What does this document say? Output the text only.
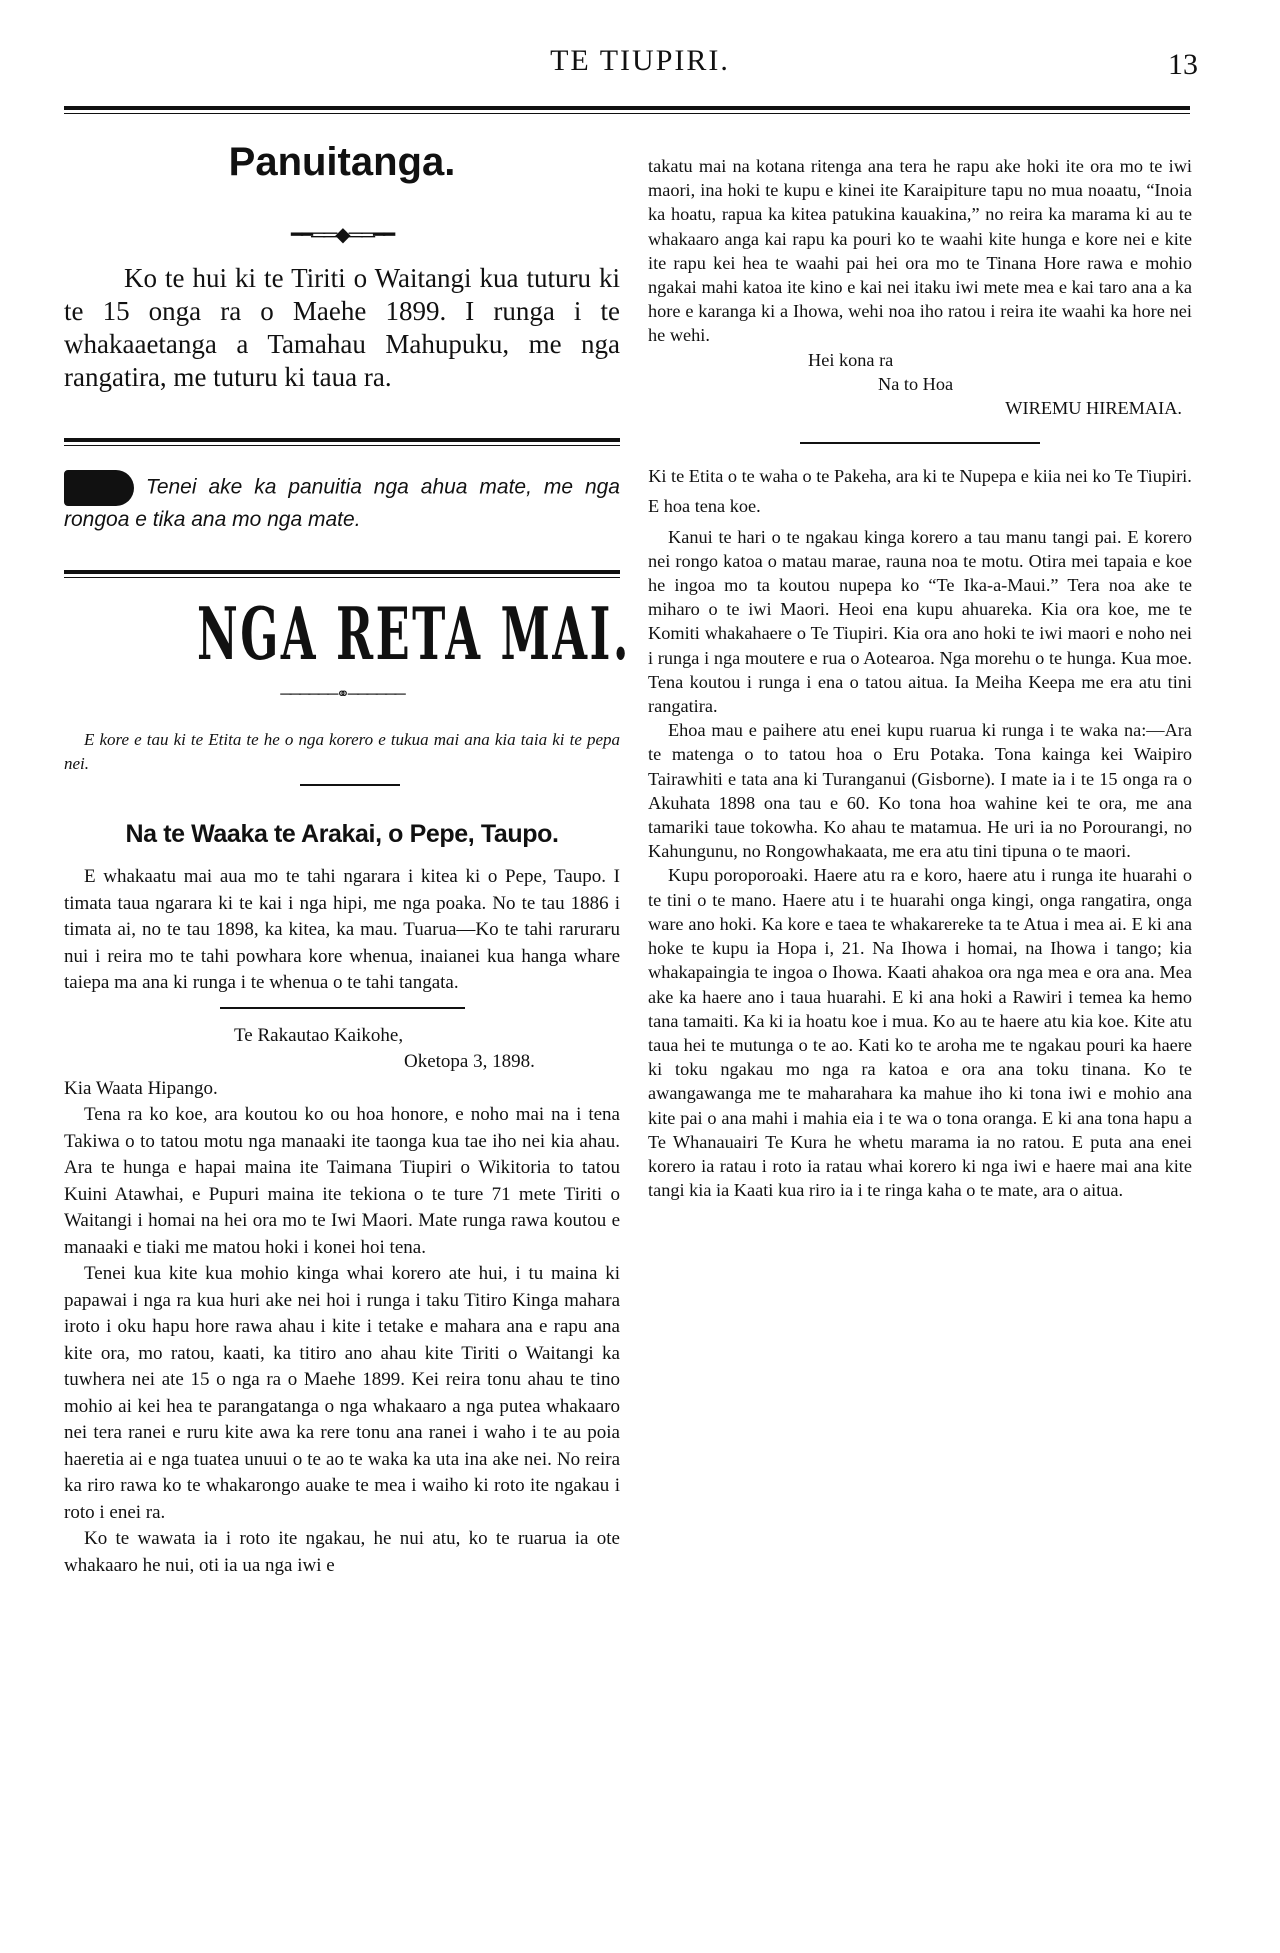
TE TIUPIRI.	13
Panuitanga.
━━══◆══━━
Ko te hui ki te Tiriti o Waitangi kua tuturu ki te 15 onga ra o Maehe 1899. I runga i te whakaaetanga a Tamahau Mahupuku, me nga rangatira, me tuturu ki taua ra.
Tenei ake ka panuitia nga ahua mate, me nga rongoa e tika ana mo nga mate.
NGA RETA MAI.
──────⚭──────
E kore e tau ki te Etita te he o nga korero e tukua mai ana kia taia ki te pepa nei.
Na te Waaka te Arakai, o Pepe, Taupo.

E whakaatu mai aua mo te tahi ngarara i kitea ki o Pepe, Taupo. I timata taua ngarara ki te kai i nga hipi, me nga poaka. No te tau 1886 i timata ai, no te tau 1898, ka kitea, ka mau. Tuarua—Ko te tahi raruraru nui i reira mo te tahi powhara kore whenua, inaianei kua hanga whare taiepa ma ana ki runga i te whenua o te tahi tangata.

Te Rakautao Kaikohe,
Oketopa 3, 1898.
Kia Waata Hipango.

Tena ra ko koe, ara koutou ko ou hoa honore, e noho mai na i tena Takiwa o to tatou motu nga manaaki ite taonga kua tae iho nei kia ahau. Ara te hunga e hapai maina ite Taimana Tiupiri o Wikitoria to tatou Kuini Atawhai, e Pupuri maina ite tekiona o te ture 71 mete Tiriti o Waitangi i homai na hei ora mo te Iwi Maori. Mate runga rawa koutou e manaaki e tiaki me matou hoki i konei hoi tena.

Tenei kua kite kua mohio kinga whai korero ate hui, i tu maina ki papawai i nga ra kua huri ake nei hoi i runga i taku Titiro Kinga mahara iroto i oku hapu hore rawa ahau i kite i tetake e mahara ana e rapu ana kite ora, mo ratou, kaati, ka titiro ano ahau kite Tiriti o Waitangi ka tuwhera nei ate 15 o nga ra o Maehe 1899. Kei reira tonu ahau te tino mohio ai kei hea te parangatanga o nga whakaaro a nga putea whakaaro nei tera ranei e ruru kite awa ka rere tonu ana ranei i waho i te au poia haeretia ai e nga tuatea unuui o te ao te waka ka uta ina ake nei. No reira ka riro rawa ko te whakarongo auake te mea i waiho ki roto ite ngakau i roto i enei ra.

Ko te wawata ia i roto ite ngakau, he nui atu, ko te ruarua ia ote whakaaro he nui, oti ia ua nga iwi e

takatu mai na kotana ritenga ana tera he rapu ake hoki ite ora mo te iwi maori, ina hoki te kupu e kinei ite Karaipiture tapu no mua noaatu, “Inoia ka hoatu, rapua ka kitea patukina kauakina,” no reira ka marama ki au te whakaaro anga kai rapu ka pouri ko te waahi kite hunga e kore nei e kite ite rapu kei hea te waahi pai hei ora mo te Tinana Hore rawa e mohio ngakai mahi katoa ite kino e kai nei itaku iwi mete mea e kai taro ana a ka hore e karanga ki a Ihowa, wehi noa iho ratou i reira ite waahi ka hore nei he wehi.
Hei kona ra
Na to Hoa
WIREMU HIREMAIA.
Ki te Etita o te waha o te Pakeha, ara ki te Nupepa e kiia nei ko Te Tiupiri.
E hoa tena koe.

Kanui te hari o te ngakau kinga korero a tau manu tangi pai. E korero nei rongo katoa o matau marae, rauna noa te motu. Otira mei tapaia e koe he ingoa mo ta koutou nupepa ko “Te Ika-a-Maui.” Tera noa ake te miharo o te iwi Maori. Heoi ena kupu ahuareka. Kia ora koe, me te Komiti whakahaere o Te Tiupiri. Kia ora ano hoki te iwi maori e noho nei i runga i nga moutere e rua o Aotearoa. Nga morehu o te hunga. Kua moe. Tena koutou i runga i ena o tatou aitua. Ia Meiha Keepa me era atu tini rangatira.

Ehoa mau e paihere atu enei kupu ruarua ki runga i te waka na:—Ara te matenga o to tatou hoa o Eru Potaka. Tona kainga kei Waipiro Tairawhiti e tata ana ki Turanganui (Gisborne). I mate ia i te 15 onga ra o Akuhata 1898 ona tau e 60. Ko tona hoa wahine kei te ora, me ana tamariki taue tokowha. Ko ahau te matamua. He uri ia no Porourangi, no Kahungunu, no Rongowhakaata, me era atu tini tipuna o te maori.

Kupu poroporoaki. Haere atu ra e koro, haere atu i runga ite huarahi o te tini o te mano. Haere atu i te huarahi onga kingi, onga rangatira, onga ware ano hoki. Ka kore e taea te whakarereke ta te Atua i mea ai. E ki ana hoke te kupu ia Hopa i, 21. Na Ihowa i homai, na Ihowa i tango; kia whakapaingia te ingoa o Ihowa. Kaati ahakoa ora nga mea e ora ana. Mea ake ka haere ano i taua huarahi. E ki ana hoki a Rawiri i temea ka hemo tana tamaiti. Ka ki ia hoatu koe i mua. Ko au te haere atu kia koe. Kite atu taua hei te mutunga o te ao. Kati ko te aroha me te ngakau pouri ka haere ki toku ngakau mo nga ra katoa e ora ana toku tinana. Ko te awangawanga me te maharahara ka mahue iho ki tona iwi e mohio ana kite pai o ana mahi i mahia eia i te wa o tona oranga. E ki ana tona hapu a Te Whanauairi Te Kura he whetu marama ia no ratou. E puta ana enei korero ia ratau i roto ia ratau whai korero ki nga iwi e haere mai ana kite tangi kia ia Kaati kua riro ia i te ringa kaha o te mate, ara o aitua.
